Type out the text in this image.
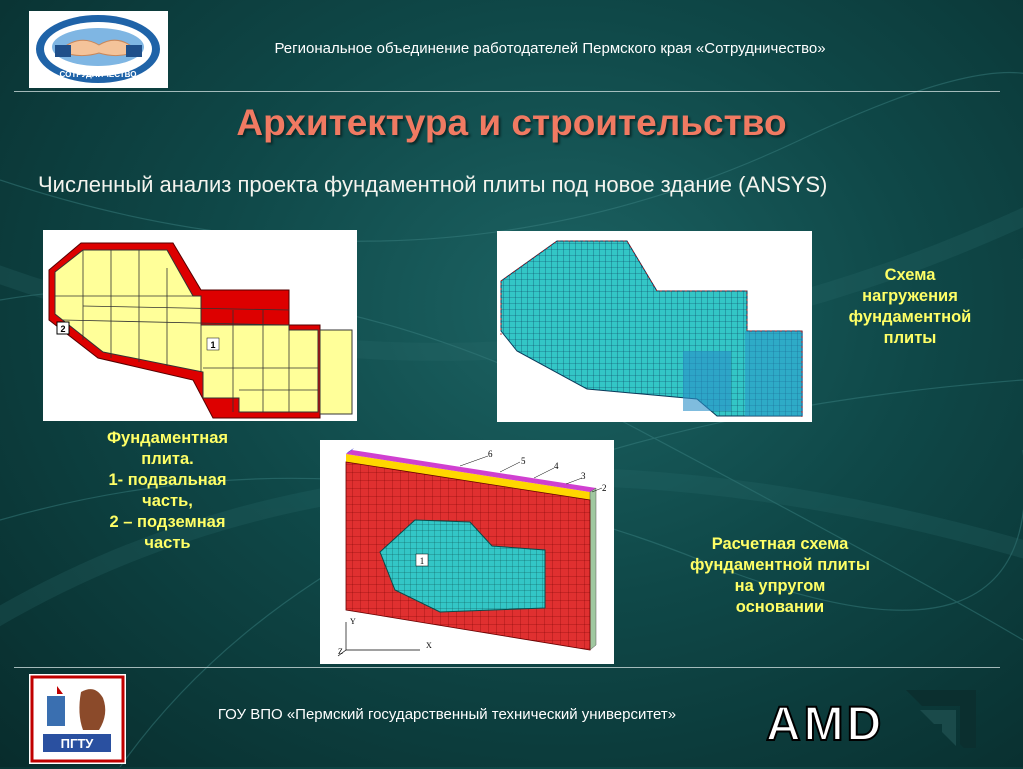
СОТРУДНИЧЕСТВО
Региональное объединение работодателей Пермского края «Сотрудничество»
Архитектура и строительство
Численный анализ проекта фундаментной плиты под новое здание (ANSYS)
2
1
1
6
5	4
3
2
Y
X
Z
Фундаментная
плита.
1- подвальная
часть,
2 – подземная
часть
Схема
нагружения
фундаментной
плиты
Расчетная схема
фундаментной плиты
на упругом
основании
ПГТУ
ГОУ ВПО «Пермский государственный технический университет»	AMD
